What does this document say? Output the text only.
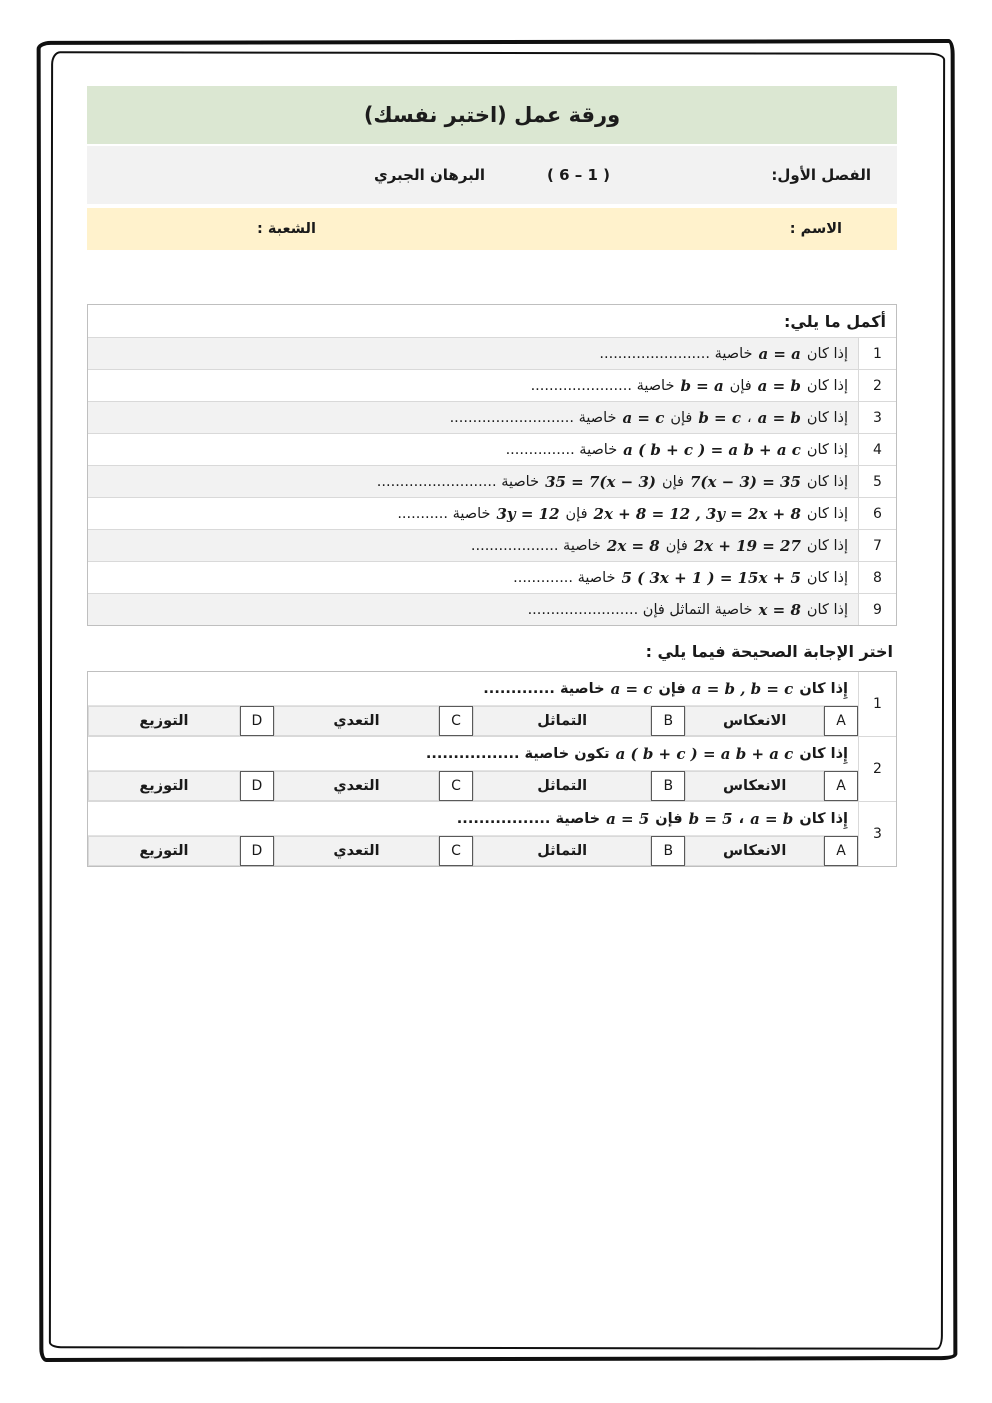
ورقة عمل (اختبر نفسك)
الفصل الأول:
( 6 – 1 )
البرهان الجبري
الاسم :
الشعبة :
أكمل ما يلي:
1
إذا كان
a = a
خاصية ........................
2
إذا كان
a = b
فإن
b = a
خاصية ......................
3
إذا كان
a = b
،
b = c
فإن
a = c
خاصية ...........................
4
إذا كان
a ( b + c ) = a b + a c
خاصية ...............
5
إذا كان
7(x − 3) = 35
فإن
35 = 7(x − 3)
خاصية ..........................
6
إذا كان
2x + 8 = 12 , 3y = 2x + 8
فإن
3y = 12
خاصية ...........
7
إذا كان
2x + 19 = 27
فإن
2x = 8
خاصية ...................
8
إذا كان
5 ( 3x + 1 ) = 15x + 5
خاصية .............
9
إذا كان
x = 8
خاصية التماثل فإن ........................
اختر الإجابة الصحيحة فيما يلي :
1
إِذا كان
a = b , b = c
فإن
a = c
خاصية .............
A
الانعكاس
B
التماثل
C
التعدي
D
التوزيع
2
إِذا كان
a ( b + c ) = a b + a c
تكون خاصية .................
A
الانعكاس
B
التماثل
C
التعدي
D
التوزيع
3
إِذا كان
a = b
،
b = 5
فإن
a = 5
خاصية .................
A
الانعكاس
B
التماثل
C
التعدي
D
التوزيع
